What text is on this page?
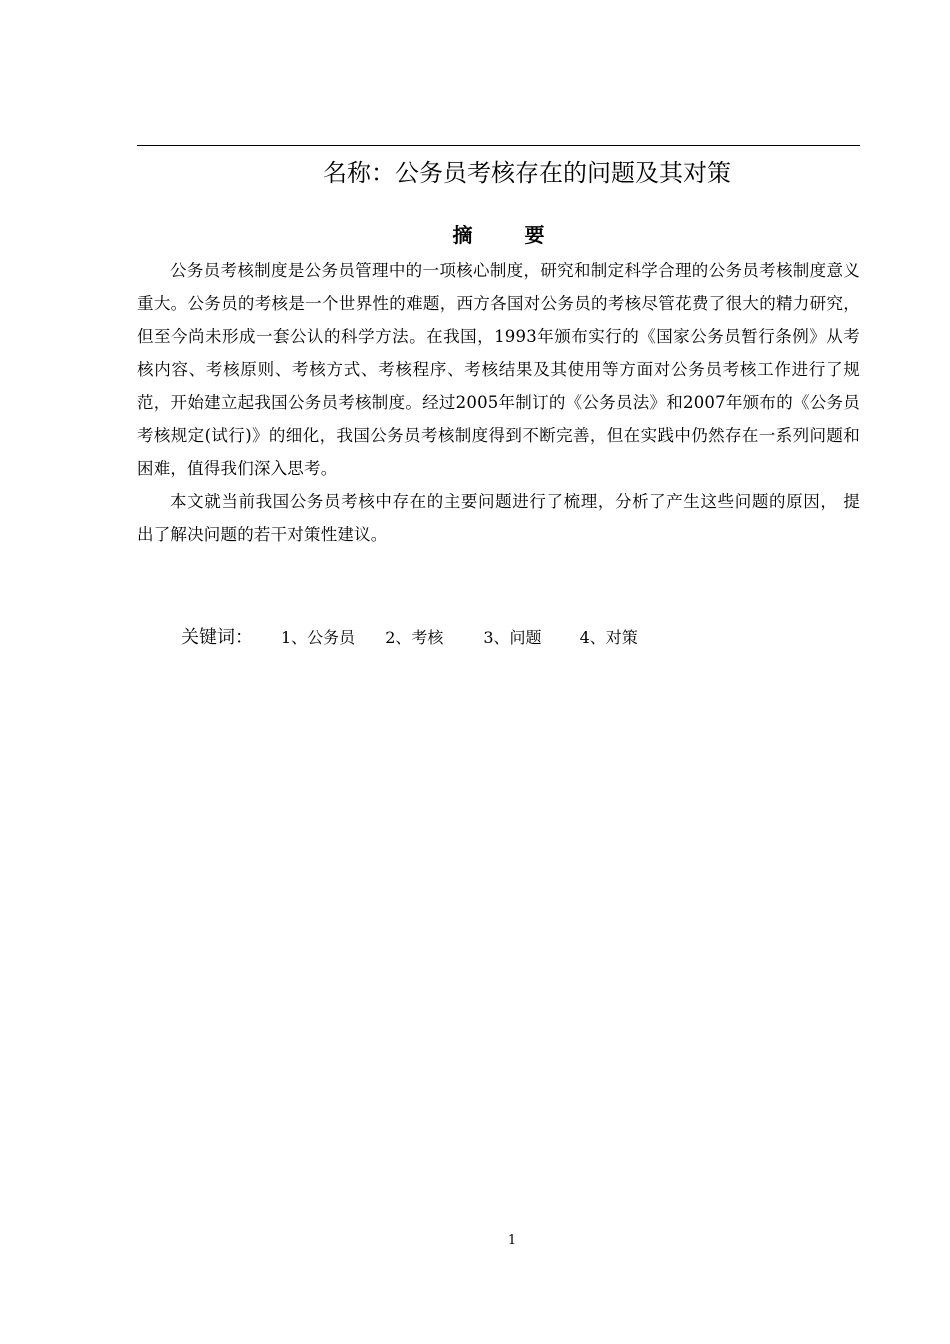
名称：公务员考核存在的问题及其对策
摘要

公务员考核制度是公务员管理中的一项核心制度，研究和制定科学合理的公务员考核制度意义重大。公务员的考核是一个世界性的难题，西方各国对公务员的考核尽管花费了很大的精力研究，但至今尚未形成一套公认的科学方法。在我国，1993年颁布实行的《国家公务员暂行条例》从考核内容、考核原则、考核方式、考核程序、考核结果及其使用等方面对公务员考核工作进行了规范，开始建立起我国公务员考核制度。经过2005年制订的《公务员法》和2007年颁布的《公务员考核规定(试行)》的细化，我国公务员考核制度得到不断完善，但在实践中仍然存在一系列问题和困难，值得我们深入思考。

本文就当前我国公务员考核中存在的主要问题进行了梳理，分析了产生这些问题的原因， 提出了解决问题的若干对策性建议。

关键词： 1、公务员 2、考核	3、问题 4、对策
1
